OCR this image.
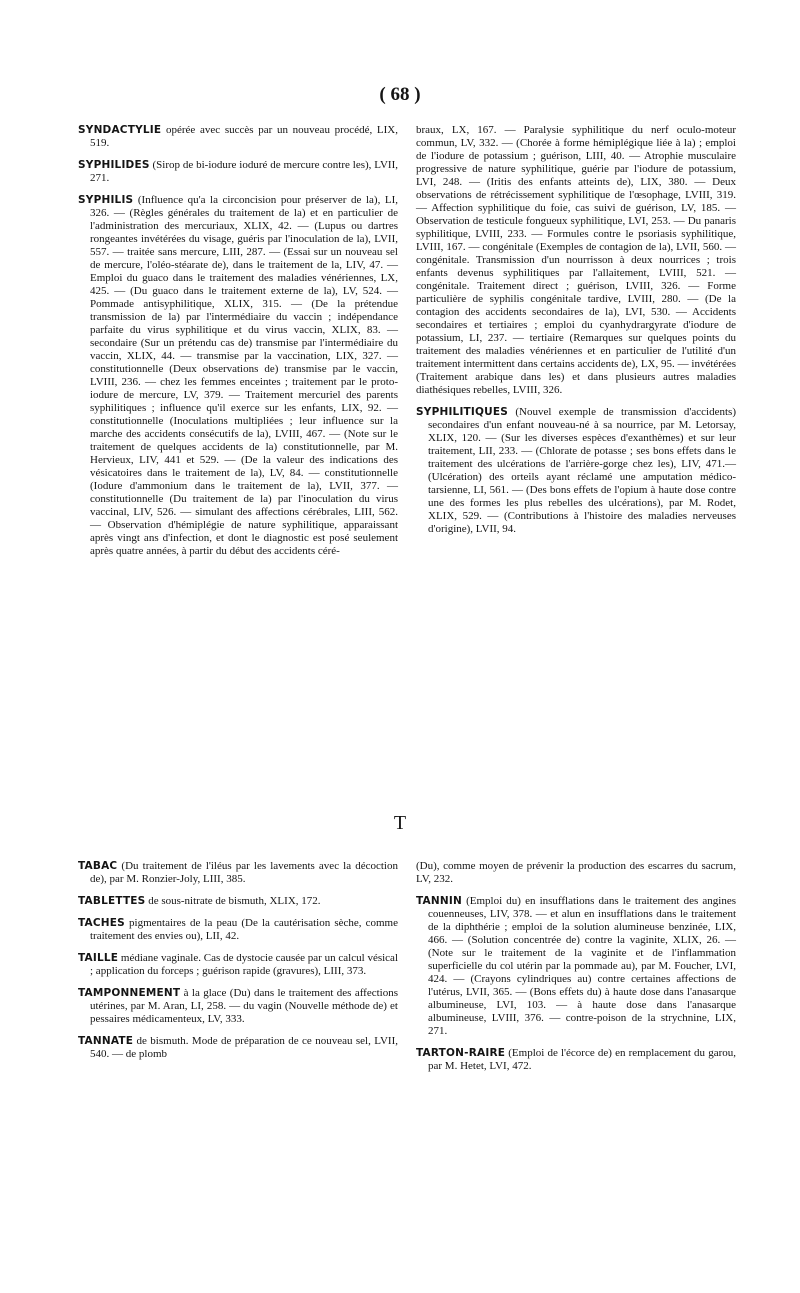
( 68 )

SYNDACTYLIE opérée avec succès par un nouveau procédé, LIX, 519.

SYPHILIDES (Sirop de bi-iodure ioduré de mercure contre les), LVII, 271.

SYPHILIS (Influence qu'a la circoncision pour préserver de la), LI, 326. — (Règles générales du traitement de la) et en particulier de l'administration des mercuriaux, XLIX, 42. — (Lupus ou dartres rongeantes invétérées du visage, guéris par l'inoculation de la), LVII, 557. — traitée sans mercure, LIII, 287. — (Essai sur un nouveau sel de mercure, l'oléo-stéarate de), dans le traitement de la, LIV, 47. — Emploi du guaco dans le traitement des maladies vénériennes, LX, 425. — (Du guaco dans le traitement externe de la), LV, 524. — Pommade antisyphilitique, XLIX, 315. — (De la prétendue transmission de la) par l'intermédiaire du vaccin ; indépendance parfaite du virus syphilitique et du virus vaccin, XLIX, 83. — secondaire (Sur un prétendu cas de) transmise par l'intermédiaire du vaccin, XLIX, 44. — transmise par la vaccination, LIX, 327. — constitutionnelle (Deux observations de) transmise par le vaccin, LVIII, 236. — chez les femmes enceintes ; traitement par le proto-iodure de mercure, LV, 379. — Traitement mercuriel des parents syphilitiques ; influence qu'il exerce sur les enfants, LIX, 92. — constitutionnelle (Inoculations multipliées ; leur influence sur la marche des accidents consécutifs de la), LVIII, 467. — (Note sur le traitement de quelques accidents de la) constitutionnelle, par M. Hervieux, LIV, 441 et 529. — (De la valeur des indications des vésicatoires dans le traitement de la), LV, 84. — constitutionnelle (Iodure d'ammonium dans le traitement de la), LVII, 377. — constitutionnelle (Du traitement de la) par l'inoculation du virus vaccinal, LIV, 526. — simulant des affections cérébrales, LIII, 562. — Observation d'hémiplégie de nature syphilitique, apparaissant après vingt ans d'infection, et dont le diagnostic est posé seulement après quatre années, à partir du début des accidents céré-

braux, LX, 167. — Paralysie syphilitique du nerf oculo-moteur commun, LV, 332. — (Chorée à forme hémiplégique liée à la) ; emploi de l'iodure de potassium ; guérison, LIII, 40. — Atrophie musculaire progressive de nature syphilitique, guérie par l'iodure de potassium, LVI, 248. — (Iritis des enfants atteints de), LIX, 380. — Deux observations de rétrécissement syphilitique de l'œsophage, LVIII, 319. — Affection syphilitique du foie, cas suivi de guérison, LV, 185. — Observation de testicule fongueux syphilitique, LVI, 253. — Du panaris syphilitique, LVIII, 233. — Formules contre le psoriasis syphilitique, LVIII, 167. — congénitale (Exemples de contagion de la), LVII, 560. — congénitale. Transmission d'un nourrisson à deux nourrices ; trois enfants devenus syphilitiques par l'allaitement, LVIII, 521. — congénitale. Traitement direct ; guérison, LVIII, 326. — Forme particulière de syphilis congénitale tardive, LVIII, 280. — (De la contagion des accidents secondaires de la), LVI, 530. — Accidents secondaires et tertiaires ; emploi du cyanhydrargyrate d'iodure de potassium, LI, 237. — tertiaire (Remarques sur quelques points du traitement des maladies vénériennes et en particulier de l'utilité d'un traitement intermittent dans certains accidents de), LX, 95. — invétérées (Traitement arabique dans les) et dans plusieurs autres maladies diathésiques rebelles, LVIII, 326.

SYPHILITIQUES (Nouvel exemple de transmission d'accidents) secondaires d'un enfant nouveau-né à sa nourrice, par M. Letorsay, XLIX, 120. — (Sur les diverses espèces d'exanthèmes) et sur leur traitement, LII, 233. — (Chlorate de potasse ; ses bons effets dans le traitement des ulcérations de l'arrière-gorge chez les), LIV, 471.—(Ulcération) des orteils ayant réclamé une amputation médico-tarsienne, LI, 561. — (Des bons effets de l'opium à haute dose contre une des formes les plus rebelles des ulcérations), par M. Rodet, XLIX, 529. — (Contributions à l'histoire des maladies nerveuses d'origine), LVII, 94.

T

TABAC (Du traitement de l'iléus par les lavements avec la décoction de), par M. Ronzier-Joly, LIII, 385.

TABLETTES de sous-nitrate de bismuth, XLIX, 172.

TACHES pigmentaires de la peau (De la cautérisation sèche, comme traitement des envies ou), LII, 42.

TAILLE médiane vaginale. Cas de dystocie causée par un calcul vésical ; application du forceps ; guérison rapide (gravures), LIII, 373.

TAMPONNEMENT à la glace (Du) dans le traitement des affections utérines, par M. Aran, LI, 258. — du vagin (Nouvelle méthode de) et pessaires médicamenteux, LV, 333.

TANNATE de bismuth. Mode de préparation de ce nouveau sel, LVII, 540. — de plomb

(Du), comme moyen de prévenir la production des escarres du sacrum, LV, 232.

TANNIN (Emploi du) en insufflations dans le traitement des angines couenneuses, LIV, 378. — et alun en insufflations dans le traitement de la diphthérie ; emploi de la solution alumineuse benzinée, LIX, 466. — (Solution concentrée de) contre la vaginite, XLIX, 26. — (Note sur le traitement de la vaginite et de l'inflammation superficielle du col utérin par la pommade au), par M. Foucher, LVI, 424. — (Crayons cylindriques au) contre certaines affections de l'utérus, LVII, 365. — (Bons effets du) à haute dose dans l'anasarque albumineuse, LVI, 103. — à haute dose dans l'anasarque albumineuse, LVIII, 376. — contre-poison de la strychnine, LIX, 271.

TARTON-RAIRE (Emploi de l'écorce de) en remplacement du garou, par M. Hetet, LVI, 472.
